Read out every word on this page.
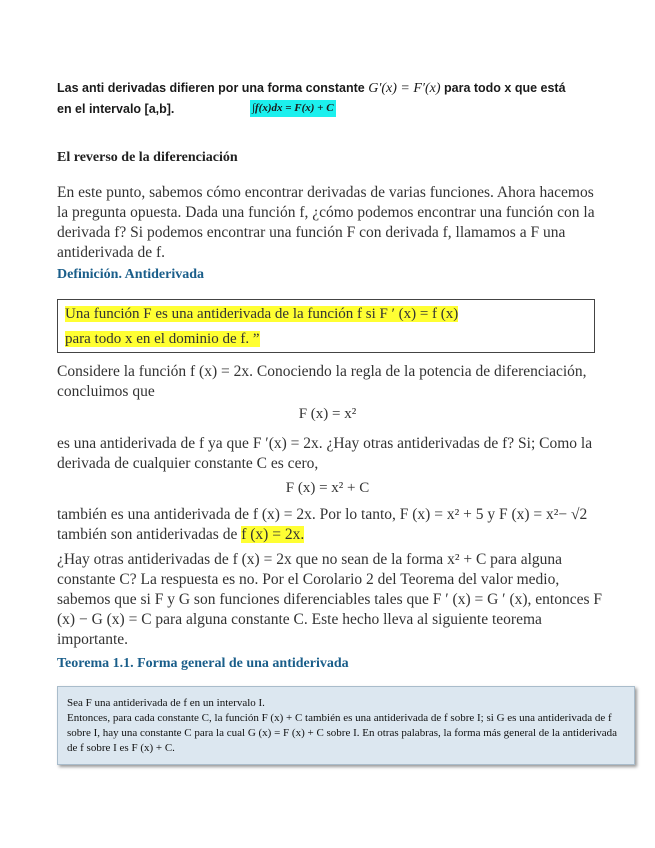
Las anti derivadas difieren por una forma constante G′(x) = F′(x) para todo x que está
en el intervalo [a,b].	∫f(x)dx = F(x) + C
El reverso de la diferenciación
En este punto, sabemos cómo encontrar derivadas de varias funciones. Ahora hacemos la pregunta opuesta. Dada una función f, ¿cómo podemos encontrar una función con la derivada f? Si podemos encontrar una función F con derivada f, llamamos a F una antiderivada de f.
Definición. Antiderivada
Una función F es una antiderivada de la función f si F ′ (x) = f (x)
para todo x en el dominio de f. ”
Considere la función f (x) = 2x. Conociendo la regla de la potencia de diferenciación, concluimos que
F (x) = x²
es una antiderivada de f ya que F ′(x) = 2x. ¿Hay otras antiderivadas de f? Si; Como la derivada de cualquier constante C es cero,
F (x) = x² + C
también es una antiderivada de f (x) = 2x. Por lo tanto, F (x) = x² + 5 y F (x) = x²− √2 también son antiderivadas de f (x) = 2x.
¿Hay otras antiderivadas de f (x) = 2x que no sean de la forma x² + C para alguna constante C? La respuesta es no. Por el Corolario 2 del Teorema del valor medio, sabemos que si F y G son funciones diferenciables tales que F ′ (x) = G ′ (x), entonces F (x) − G (x) = C para alguna constante C. Este hecho lleva al siguiente teorema importante.
Teorema 1.1. Forma general de una antiderivada
Sea F una antiderivada de f en un intervalo I.
Entonces, para cada constante C, la función F (x) + C también es una antiderivada de f sobre I; si G es una antiderivada de f sobre I, hay una constante C para la cual G (x) = F (x) + C sobre I. En otras palabras, la forma más general de la antiderivada de f sobre I es F (x) + C.
